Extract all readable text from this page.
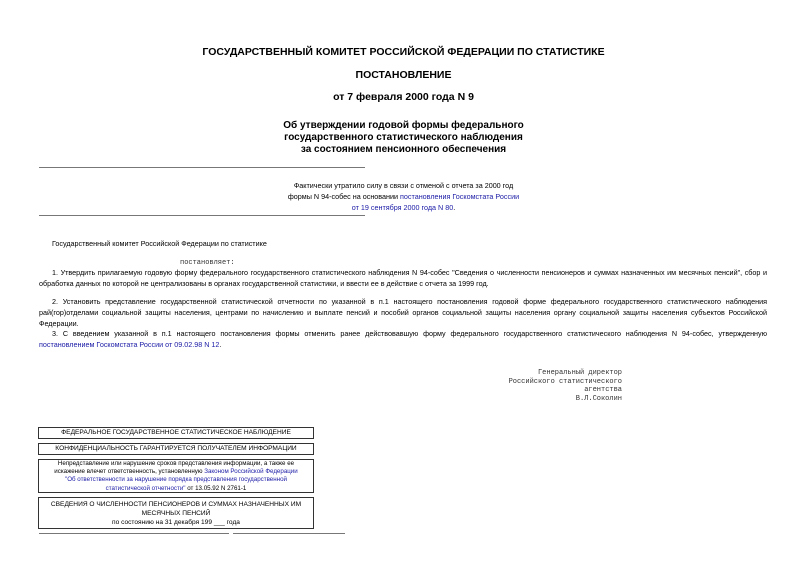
ГОСУДАРСТВЕННЫЙ КОМИТЕТ РОССИЙСКОЙ ФЕДЕРАЦИИ ПО СТАТИСТИКЕ
ПОСТАНОВЛЕНИЕ
от 7 февраля 2000 года N 9
Об утверждении годовой формы федерального
государственного статистического наблюдения
за состоянием пенсионного обеспечения
Фактически утратило силу в связи с отменой с отчета за 2000 год
формы N 94-собес на основании постановления Госкомстата России
от 19 сентября 2000 года N 80.
Государственный комитет Российской Федерации по статистике
постановляет:
1. Утвердить прилагаемую годовую форму федерального государственного статистического наблюдения N 94-собес "Сведения о численности пенсионеров и суммах назначенных им месячных пенсий", сбор и обработка данных по которой не централизованы в органах государственной статистики, и ввести ее в действие с отчета за 1999 год.
2. Установить представление государственной статистической отчетности по указанной в п.1 настоящего постановления годовой форме федерального государственного статистического наблюдения рай(гор)отделами социальной защиты населения, центрами по начислению и выплате пенсий и пособий органов социальной защиты населения органу социальной защиты населения субъектов Российской Федерации.
3. С введением указанной в п.1 настоящего постановления формы отменить ранее действовавшую форму федерального государственного статистического наблюдения N 94-собес, утвержденную постановлением Госкомстата России от 09.02.98 N 12.
Генеральный директор
Российского статистического
агентства
В.Л.Соколин
ФЕДЕРАЛЬНОЕ ГОСУДАРСТВЕННОЕ СТАТИСТИЧЕСКОЕ НАБЛЮДЕНИЕ
КОНФИДЕНЦИАЛЬНОСТЬ ГАРАНТИРУЕТСЯ ПОЛУЧАТЕЛЕМ ИНФОРМАЦИИ
Непредставление или нарушение сроков представления информации, а также ее
искажение влечет ответственность, установленную Законом Российской Федерации
"Об ответственности за нарушение порядка представления государственной
статистической отчетности" от 13.05.92 N 2761-1
СВЕДЕНИЯ О ЧИСЛЕННОСТИ ПЕНСИОНЕРОВ И СУММАХ НАЗНАЧЕННЫХ ИМ
МЕСЯЧНЫХ ПЕНСИЙ
по состоянию на 31 декабря 199 ___ года
